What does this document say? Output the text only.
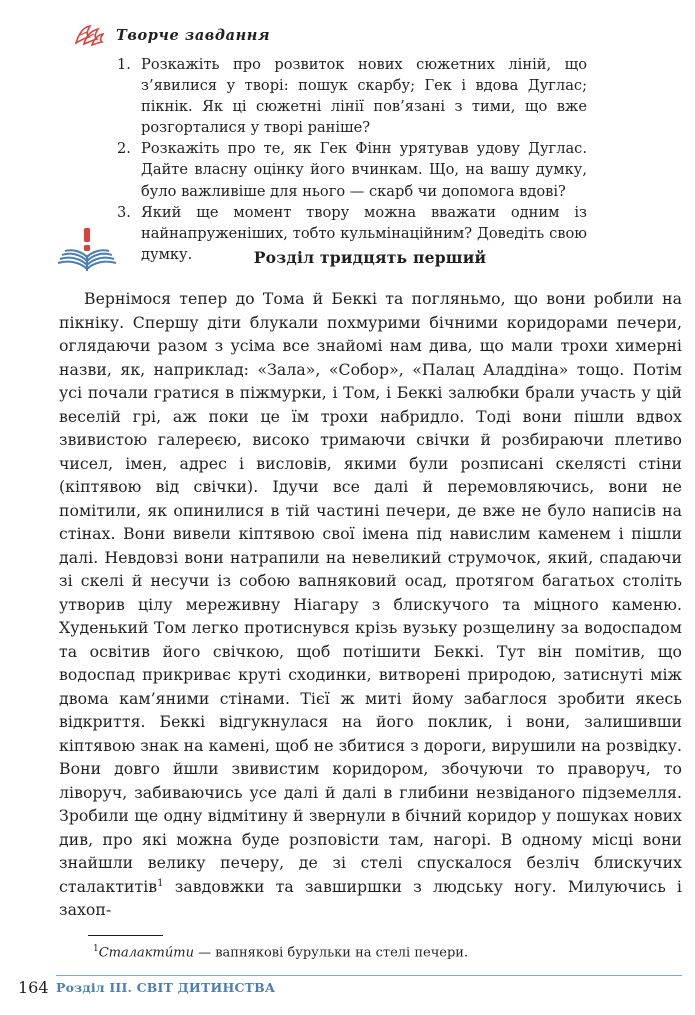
Творче завдання
1. Розкажіть про розвиток нових сюжетних ліній, що з’явилися у творі: пошук скарбу; Гек і вдова Дуглас; пікнік. Як ці сюжетні лінії пов’язані з тими, що вже розгорталися у творі раніше?
2. Розкажіть про те, як Гек Фінн урятував удову Дуглас. Дайте власну оцінку його вчинкам. Що, на вашу думку, було важливіше для нього — скарб чи допомога вдові?
3. Який ще момент твору можна вважати одним із найнапруженіших, тобто кульмінаційним? Доведіть свою думку.	Розділ тридцять перший

Вернімося тепер до Тома й Беккі та погляньмо, що вони робили на пікніку. Спершу діти блукали похмурими бічними коридорами печери, оглядаючи разом з усіма все знайомі нам дива, що мали трохи химерні назви, як, наприклад: «Зала», «Собор», «Палац Аладдіна» тощо. Потім усі почали гратися в піжмурки, і Том, і Беккі залюбки брали участь у цій веселій грі, аж поки це їм трохи набридло. Тоді вони пішли вдвох звивистою галереєю, високо тримаючи свічки й розбираючи плетиво чисел, імен, адрес і висловів, якими були розписані скелясті стіни (кіптявою від свічки). Ідучи все далі й перемовляючись, вони не помітили, як опинилися в тій частині печери, де вже не було написів на стінах. Вони вивели кіптявою свої імена під навислим каменем і пішли далі. Невдовзі вони натрапили на невеликий струмочок, який, спадаючи зі скелі й несучи із собою вапняковий осад, протягом багатьох століть утворив цілу мереживну Ніагару з блискучого та міцного каменю. Худенький Том легко протиснувся крізь вузьку розщелину за водоспадом та освітив його свічкою, щоб потішити Беккі. Тут він помітив, що водоспад прикриває круті сходинки, витворені природою, затиснуті між двома кам’яними стінами. Тієї ж миті йому забаглося зробити якесь відкриття. Беккі відгукнулася на його поклик, і вони, залишивши кіптявою знак на камені, щоб не збитися з дороги, вирушили на розвідку. Вони довго йшли звивистим коридором, збочуючи то праворуч, то ліворуч, забиваючись усе далі й далі в глибини незвіданого підземелля. Зробили ще одну відмітину й звернули в бічний коридор у пошуках нових див, про які можна буде розповісти там, нагорі. В одному місці вони знайшли велику печеру, де зі стелі спускалося безліч блискучих сталактитів$^1$ завдовжки та завширшки з людську ногу. Милуючись і захоп-

$^1$Сталакти́ти — вапнякові бурульки на стелі печери.

164 Розділ III. СВІТ ДИТИНСТВА
